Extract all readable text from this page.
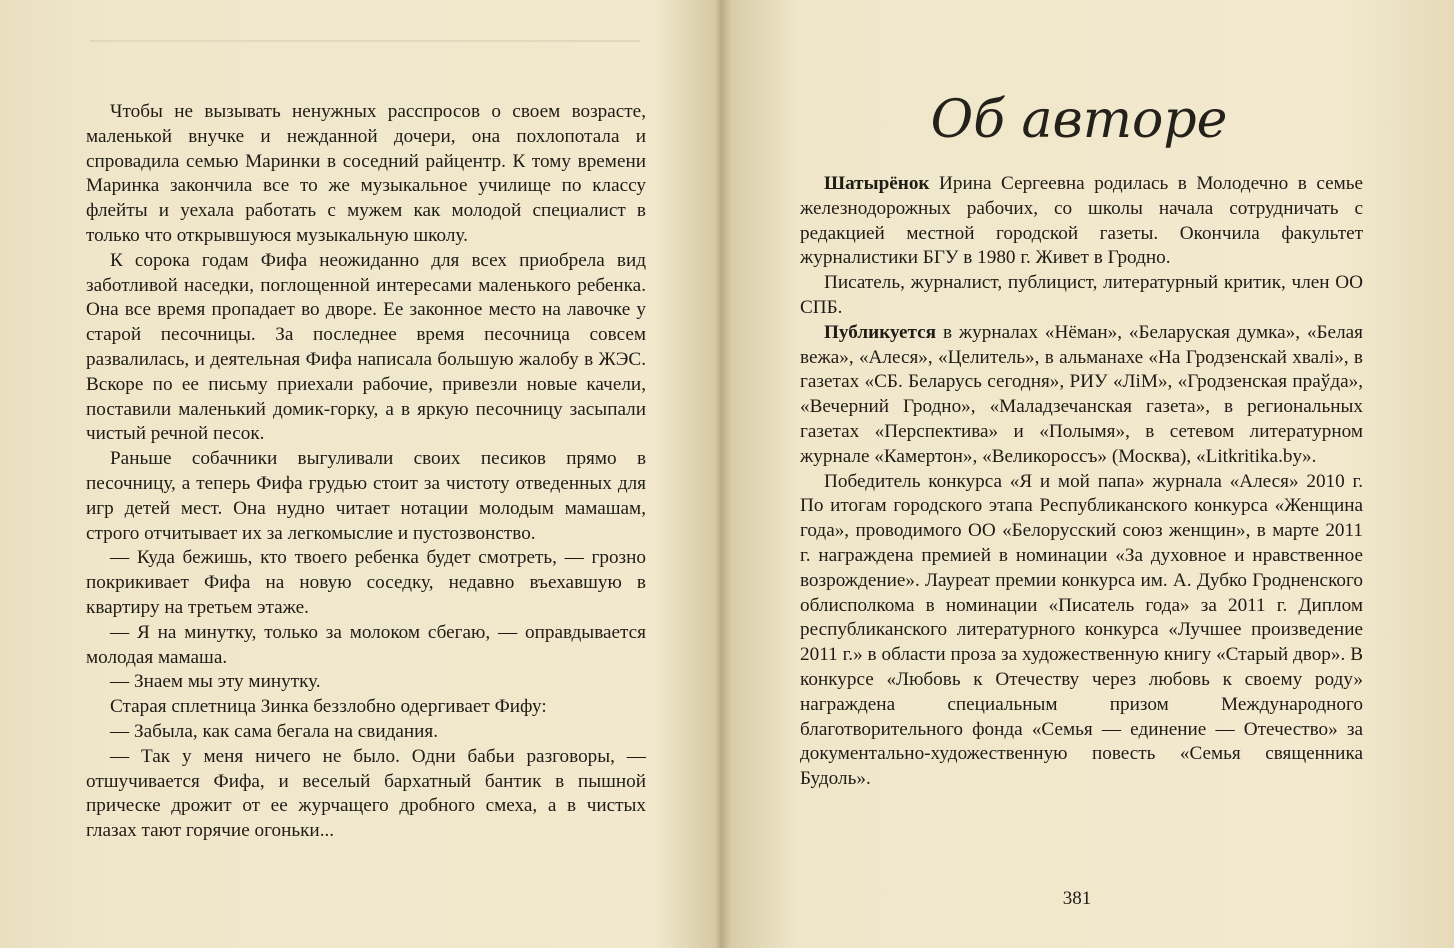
Чтобы не вызывать ненужных расспросов о своем возрасте, маленькой внучке и нежданной дочери, она похлопотала и спровадила семью Маринки в соседний райцентр. К тому времени Маринка закончила все то же музыкальное училище по классу флейты и уехала работать с мужем как молодой специалист в только что открывшуюся музыкальную школу.

К сорока годам Фифа неожиданно для всех приобрела вид заботливой наседки, поглощенной интересами маленького ребенка. Она все время пропадает во дворе. Ее законное место на лавочке у старой песочницы. За последнее время песочница совсем развалилась, и деятельная Фифа написала большую жалобу в ЖЭС. Вскоре по ее письму приехали рабочие, привезли новые качели, поставили маленький домик-горку, а в яркую песочницу засыпали чистый речной песок.

Раньше собачники выгуливали своих песиков прямо в песочницу, а теперь Фифа грудью стоит за чистоту отведенных для игр детей мест. Она нудно читает нотации молодым мамашам, строго отчитывает их за легкомыслие и пустозвонство.

— Куда бежишь, кто твоего ребенка будет смотреть, — грозно покрикивает Фифа на новую соседку, недавно въехавшую в квартиру на третьем этаже.

— Я на минутку, только за молоком сбегаю, — оправдывается молодая мамаша.

— Знаем мы эту минутку.

Старая сплетница Зинка беззлобно одергивает Фифу:

— Забыла, как сама бегала на свидания.

— Так у меня ничего не было. Одни бабьи разговоры, — отшучивается Фифа, и веселый бархатный бантик в пышной прическе дрожит от ее журчащего дробного смеха, а в чистых глазах тают горячие огоньки...

Об авторе

Шатырёнок Ирина Сергеевна родилась в Молодечно в семье железнодорожных рабочих, со школы начала сотрудничать с редакцией местной городской газеты. Окончила факультет журналистики БГУ в 1980 г. Живет в Гродно.

Писатель, журналист, публицист, литературный критик, член ОО СПБ.

Публикуется в журналах «Нёман», «Беларуская думка», «Белая вежа», «Алеся», «Целитель», в альманахе «На Гродзенскай хвалі», в газетах «СБ. Беларусь сегодня», РИУ «ЛіМ», «Гродзенская праўда», «Вечерний Гродно», «Маладзечанская газета», в региональных газетах «Перспектива» и «Полымя», в сетевом литературном журнале «Камертон», «Великороссъ» (Москва), «Litkritika.by».

Победитель конкурса «Я и мой папа» журнала «Алеся» 2010 г. По итогам городского этапа Республиканского конкурса «Женщина года», проводимого ОО «Белорусский союз женщин», в марте 2011 г. награждена премией в номинации «За духовное и нравственное возрождение». Лауреат премии конкурса им. А. Дубко Гродненского облисполкома в номинации «Писатель года» за 2011 г. Диплом республиканского литературного конкурса «Лучшее произведение 2011 г.» в области проза за художественную книгу «Старый двор». В конкурсе «Любовь к Отечеству через любовь к своему роду» награждена специальным призом Международного благотворительного фонда «Семья — единение — Отечество» за документально-художественную повесть «Семья священника Будоль».

381
